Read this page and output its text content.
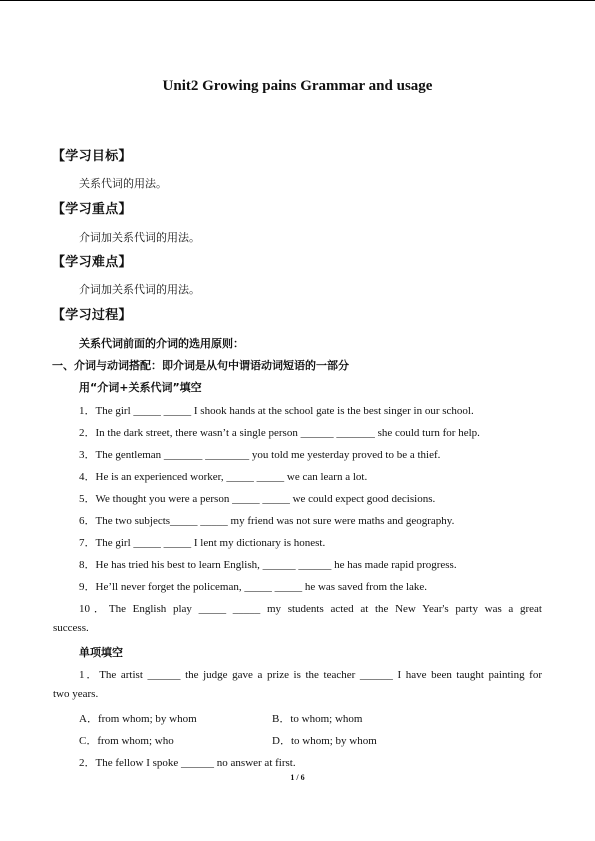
Unit2 Growing pains Grammar and usage
【学习目标】
关系代词的用法。
【学习重点】
介词加关系代词的用法。
【学习难点】
介词加关系代词的用法。
【学习过程】
关系代词前面的介词的选用原则：
一、介词与动词搭配：即介词是从句中谓语动词短语的一部分
用“介词+关系代词”填空
1．The girl _____ _____ I shook hands at the school gate is the best singer in our school.
2．In the dark street, there wasn’t a single person ______ _______ she could turn for help.
3．The gentleman _______ ________ you told me yesterday proved to be a thief.
4．He is an experienced worker, _____ _____ we can learn a lot.
5．We thought you were a person _____ _____ we could expect good decisions.
6．The two subjects_____ _____ my friend was not sure were maths and geography.
7．The girl _____ _____ I lent my dictionary is honest.
8．He has tried his best to learn English, ______ ______ he has made rapid progress.
9．He’ll never forget the policeman, _____ _____ he was saved from the lake.
10．The English play _____ _____ my students acted at the New Year's party was a great
success.
单项填空
1．The artist ______ the judge gave a prize is the teacher ______ I have been taught painting for
two years.
A．from whom; by whom	B．to whom; whom
C．from whom; who	D．to whom; by whom
2．The fellow I spoke ______ no answer at first.
1 / 6
